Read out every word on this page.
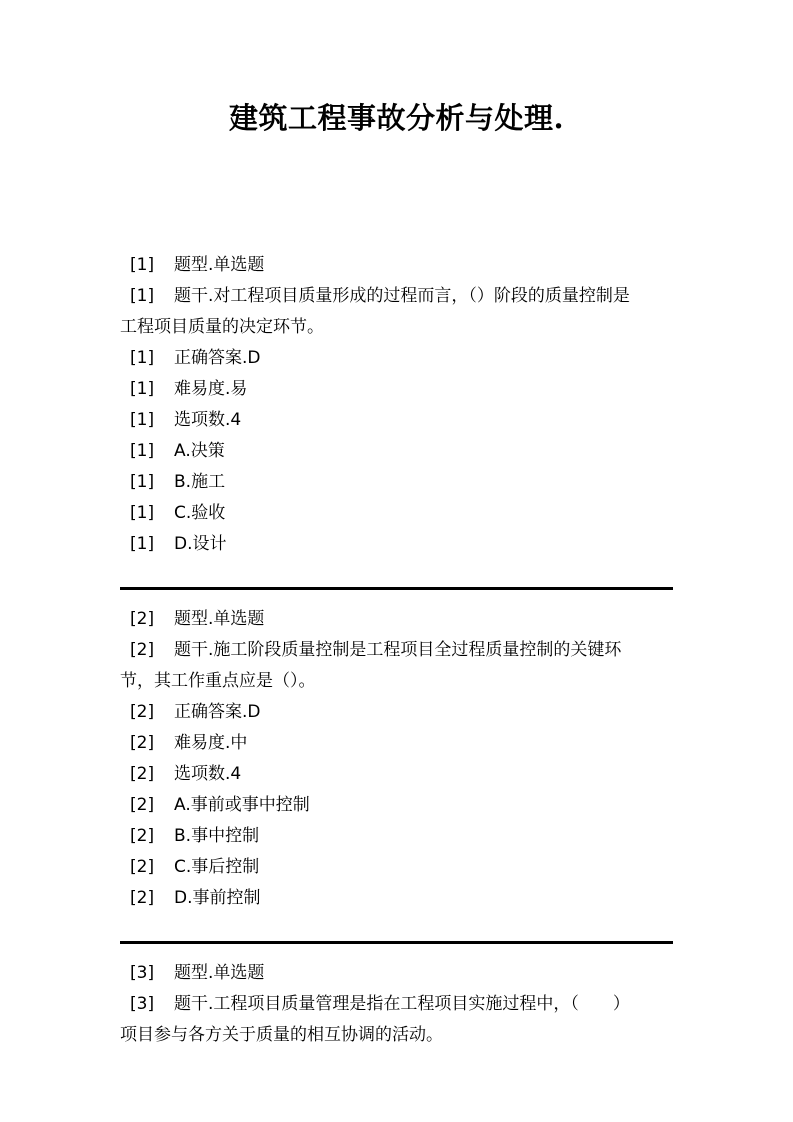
建筑工程事故分析与处理.
[1] 题型.单选题
[1] 题干.对工程项目质量形成的过程而言，（）阶段的质量控制是
工程项目质量的决定环节。
[1] 正确答案.D
[1] 难易度.易
[1] 选项数.4
[1] A.决策
[1] B.施工
[1] C.验收
[1] D.设计
[2] 题型.单选题
[2] 题干.施工阶段质量控制是工程项目全过程质量控制的关键环
节，其工作重点应是（）。
[2] 正确答案.D
[2] 难易度.中
[2] 选项数.4
[2] A.事前或事中控制
[2] B.事中控制
[2] C.事后控制
[2] D.事前控制
[3] 题型.单选题
[3] 题干.工程项目质量管理是指在工程项目实施过程中，（　　）
项目参与各方关于质量的相互协调的活动。
